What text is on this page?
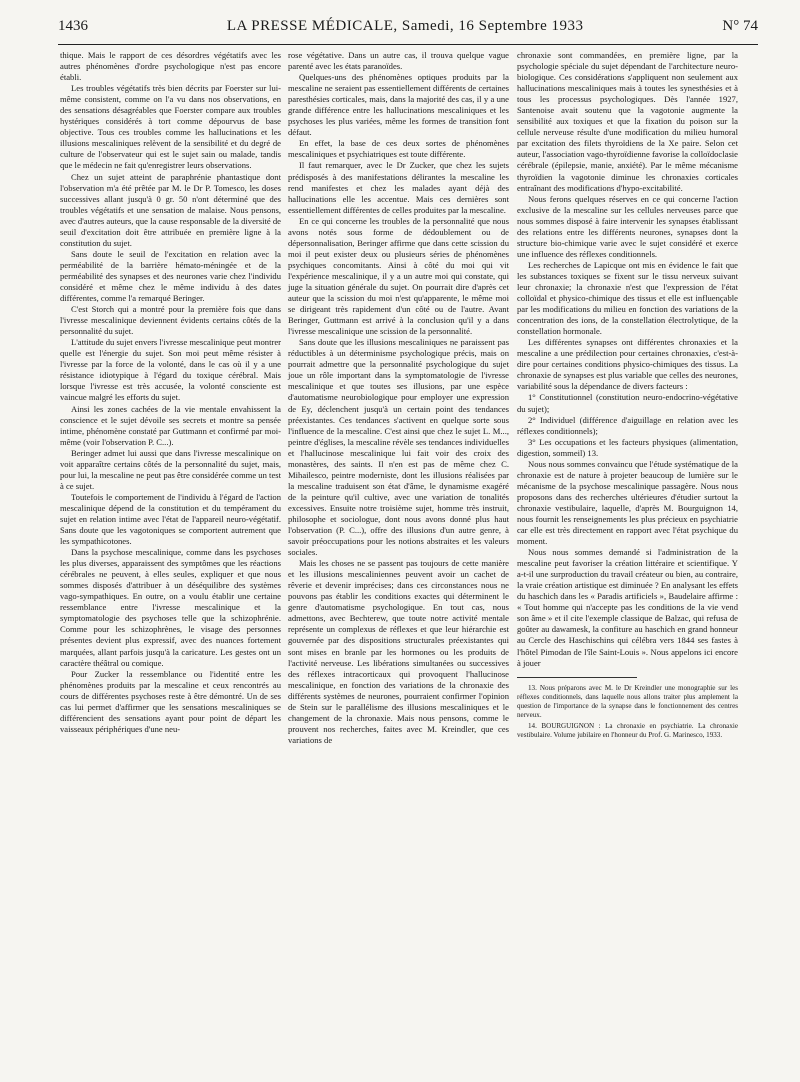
1436	LA PRESSE MÉDICALE, Samedi, 16 Septembre 1933	N° 74

thique. Mais le rapport de ces désordres végétatifs avec les autres phénomènes d'ordre psychologique n'est pas encore établi.

Les troubles végétatifs très bien décrits par Foerster sur lui-même consistent, comme on l'a vu dans nos observations, en des sensations désagréables que Foerster compare aux troubles hystériques considérés à tort comme dépourvus de base objective. Tous ces troubles comme les hallucinations et les illusions mescaliniques relèvent de la sensibilité et du degré de culture de l'observateur qui est le sujet sain ou malade, tandis que le médecin ne fait qu'enregistrer leurs observations.

Chez un sujet atteint de paraphrénie phantastique dont l'observation m'a été prêtée par M. le Dr P. Tomesco, les doses successives allant jusqu'à 0 gr. 50 n'ont déterminé que des troubles végétatifs et une sensation de malaise. Nous pensons, avec d'autres auteurs, que la cause responsable de la diversité de seuil d'excitation doit être attribuée en première ligne à la constitution du sujet.

Sans doute le seuil de l'excitation en relation avec la perméabilité de la barrière hémato-méningée et de la perméabilité des synapses et des neurones varie chez l'individu considéré et même chez le même individu à des dates différentes, comme l'a remarqué Beringer.

C'est Storch qui a montré pour la première fois que dans l'ivresse mescalinique deviennent évidents certains côtés de la personnalité du sujet.

L'attitude du sujet envers l'ivresse mescalinique peut montrer quelle est l'énergie du sujet. Son moi peut même résister à l'ivresse par la force de la volonté, dans le cas où il y a une résistance idiotypique à l'égard du toxique cérébral. Mais lorsque l'ivresse est très accusée, la volonté consciente est vaincue malgré les efforts du sujet.

Ainsi les zones cachées de la vie mentale envahissent la conscience et le sujet dévoile ses secrets et montre sa pensée intime, phénomène constaté par Guttmann et confirmé par moi-même (voir l'observation P. C...).

Beringer admet lui aussi que dans l'ivresse mescalinique on voit apparaître certains côtés de la personnalité du sujet, mais, pour lui, la mescaline ne peut pas être considérée comme un test à ce sujet.

Toutefois le comportement de l'individu à l'égard de l'action mescalinique dépend de la constitution et du tempérament du sujet en relation intime avec l'état de l'appareil neuro-végétatif. Sans doute que les vagotoniques se comportent autrement que les sympathicotones.

Dans la psychose mescalinique, comme dans les psychoses les plus diverses, apparaissent des symptômes que les réactions cérébrales ne peuvent, à elles seules, expliquer et que nous sommes disposés d'attribuer à un déséquilibre des systèmes vago-sympathiques. En outre, on a voulu établir une certaine ressemblance entre l'ivresse mescalinique et la symptomatologie des psychoses telle que la schizophrénie. Comme pour les schizophrènes, le visage des personnes présentes devient plus expressif, avec des nuances fortement marquées, allant parfois jusqu'à la caricature. Les gestes ont un caractère théâtral ou comique.

Pour Zucker la ressemblance ou l'identité entre les phénomènes produits par la mescaline et ceux rencontrés au cours de différentes psychoses reste à être démontré. Un de ses cas lui permet d'affirmer que les sensations mescaliniques se différencient des sensations ayant pour point de départ les vaisseaux périphériques d'une neu-

rose végétative. Dans un autre cas, il trouva quelque vague parenté avec les états paranoïdes.

Quelques-uns des phénomènes optiques produits par la mescaline ne seraient pas essentiellement différents de certaines paresthésies corticales, mais, dans la majorité des cas, il y a une grande différence entre les hallucinations mescaliniques et les psychoses les plus variées, même les formes de transition font défaut.

En effet, la base de ces deux sortes de phénomènes mescaliniques et psychiatriques est toute différente.

Il faut remarquer, avec le Dr Zucker, que chez les sujets prédisposés à des manifestations délirantes la mescaline les rend manifestes et chez les malades ayant déjà des hallucinations elle les accentue. Mais ces dernières sont essentiellement différentes de celles produites par la mescaline.

En ce qui concerne les troubles de la personnalité que nous avons notés sous forme de dédoublement ou de dépersonnalisation, Beringer affirme que dans cette scission du moi il peut exister deux ou plusieurs séries de phénomènes psychiques concomitants. Ainsi à côté du moi qui vit l'expérience mescalinique, il y a un autre moi qui constate, qui juge la situation générale du sujet. On pourrait dire d'après cet auteur que la scission du moi n'est qu'apparente, le même moi se dirigeant très rapidement d'un côté ou de l'autre. Avant Beringer, Guttmann est arrivé à la conclusion qu'il y a dans l'ivresse mescalinique une scission de la personnalité.

Sans doute que les illusions mescaliniques ne paraissent pas réductibles à un déterminisme psychologique précis, mais on pourrait admettre que la personnalité psychologique du sujet joue un rôle important dans la symptomatologie de l'ivresse mescalinique et que toutes ses illusions, par une espèce d'automatisme neurobiologique pour employer une expression de Ey, déclenchent jusqu'à un certain point des tendances préexistantes. Ces tendances s'activent en quelque sorte sous l'influence de la mescaline. C'est ainsi que chez le sujet L. M..., peintre d'églises, la mescaline révèle ses tendances individuelles et l'hallucinose mescalinique lui fait voir des croix des monastères, des saints. Il n'en est pas de même chez C. Mihailesco, peintre moderniste, dont les illusions réalisées par la mescaline traduisent son état d'âme, le dynamisme exagéré de la peinture qu'il cultive, avec une variation de tonalités excessives. Ensuite notre troisième sujet, homme très instruit, philosophe et sociologue, dont nous avons donné plus haut l'observation (P. C...), offre des illusions d'un autre genre, à savoir préoccupations pour les notions abstraites et les valeurs sociales.

Mais les choses ne se passent pas toujours de cette manière et les illusions mescaliniennes peuvent avoir un cachet de rêverie et devenir imprécises; dans ces circonstances nous ne pouvons pas établir les conditions exactes qui déterminent le genre d'automatisme psychologique. En tout cas, nous admettons, avec Bechterew, que toute notre activité mentale représente un complexus de réflexes et que leur hiérarchie est gouvernée par des dispositions structurales préexistantes qui sont mises en branle par les hormones ou les produits de l'activité nerveuse. Les libérations simultanées ou successives des réflexes intracorticaux qui provoquent l'hallucinose mescalinique, en fonction des variations de la chronaxie des différents systèmes de neurones, pourraient confirmer l'opinion de Stein sur le parallélisme des illusions mescaliniques et le changement de la chronaxie. Mais nous pensons, comme le prouvent nos recherches, faites avec M. Kreindler, que ces variations de

chronaxie sont commandées, en première ligne, par la psychologie spéciale du sujet dépendant de l'architecture neuro-biologique. Ces considérations s'appliquent non seulement aux hallucinations mescaliniques mais à toutes les synesthésies et à tous les processus psychologiques. Dès l'année 1927, Santenoise avait soutenu que la vagotonie augmente la sensibilité aux toxiques et que la fixation du poison sur la cellule nerveuse résulte d'une modification du milieu humoral par excitation des filets thyroïdiens de la Xe paire. Selon cet auteur, l'association vago-thyroïdienne favorise la colloïdoclasie cérébrale (épilepsie, manie, anxiété). Par le même mécanisme thyroïdien la vagotonie diminue les chronaxies corticales entraînant des modifications d'hypo-excitabilité.

Nous ferons quelques réserves en ce qui concerne l'action exclusive de la mescaline sur les cellules nerveuses parce que nous sommes disposé à faire intervenir les synapses établissant des relations entre les différents neurones, synapses dont la structure bio-chimique varie avec le sujet considéré et exerce une influence des réflexes conditionnels.

Les recherches de Lapicque ont mis en évidence le fait que les substances toxiques se fixent sur le tissu nerveux suivant leur chronaxie; la chronaxie n'est que l'expression de l'état colloïdal et physico-chimique des tissus et elle est influençable par les modifications du milieu en fonction des variations de la concentration des ions, de la constellation électrolytique, de la constellation hormonale.

Les différentes synapses ont différentes chronaxies et la mescaline a une prédilection pour certaines chronaxies, c'est-à-dire pour certaines conditions physico-chimiques des tissus. La chronaxie de synapses est plus variable que celles des neurones, variabilité sous la dépendance de divers facteurs :

1° Constitutionnel (constitution neuro-endocrino-végétative du sujet);

2° Individuel (différence d'aiguillage en relation avec les réflexes conditionnels);

3° Les occupations et les facteurs physiques (alimentation, digestion, sommeil) 13.

Nous nous sommes convaincu que l'étude systématique de la chronaxie est de nature à projeter beaucoup de lumière sur le mécanisme de la psychose mescalinique passagère. Nous nous proposons dans des recherches ultérieures d'étudier surtout la chronaxie vestibulaire, laquelle, d'après M. Bourguignon 14, nous fournit les renseignements les plus précieux en psychiatrie car elle est très directement en rapport avec l'état psychique du moment.

Nous nous sommes demandé si l'administration de la mescaline peut favoriser la création littéraire et scientifique. Y a-t-il une surproduction du travail créateur ou bien, au contraire, la vraie création artistique est diminuée ? En analysant les effets du haschich dans les « Paradis artificiels », Baudelaire affirme : « Tout homme qui n'accepte pas les conditions de la vie vend son âme » et il cite l'exemple classique de Balzac, qui refusa de goûter au dawamesk, la confiture au haschich en grand honneur au Cercle des Haschischins qui célébra vers 1844 ses fastes à l'hôtel Pimodan de l'île Saint-Louis ». Nous appelons ici encore à jouer

13. Nous préparons avec M. le Dr Kreindler une monographie sur les réflexes conditionnels, dans laquelle nous allons traiter plus amplement la question de l'importance de la synapse dans le fonctionnement des centres nerveux.

14. BOURGUIGNON : La chronaxie en psychiatrie. La chronaxie vestibulaire. Volume jubilaire en l'honneur du Prof. G. Marinesco, 1933.
